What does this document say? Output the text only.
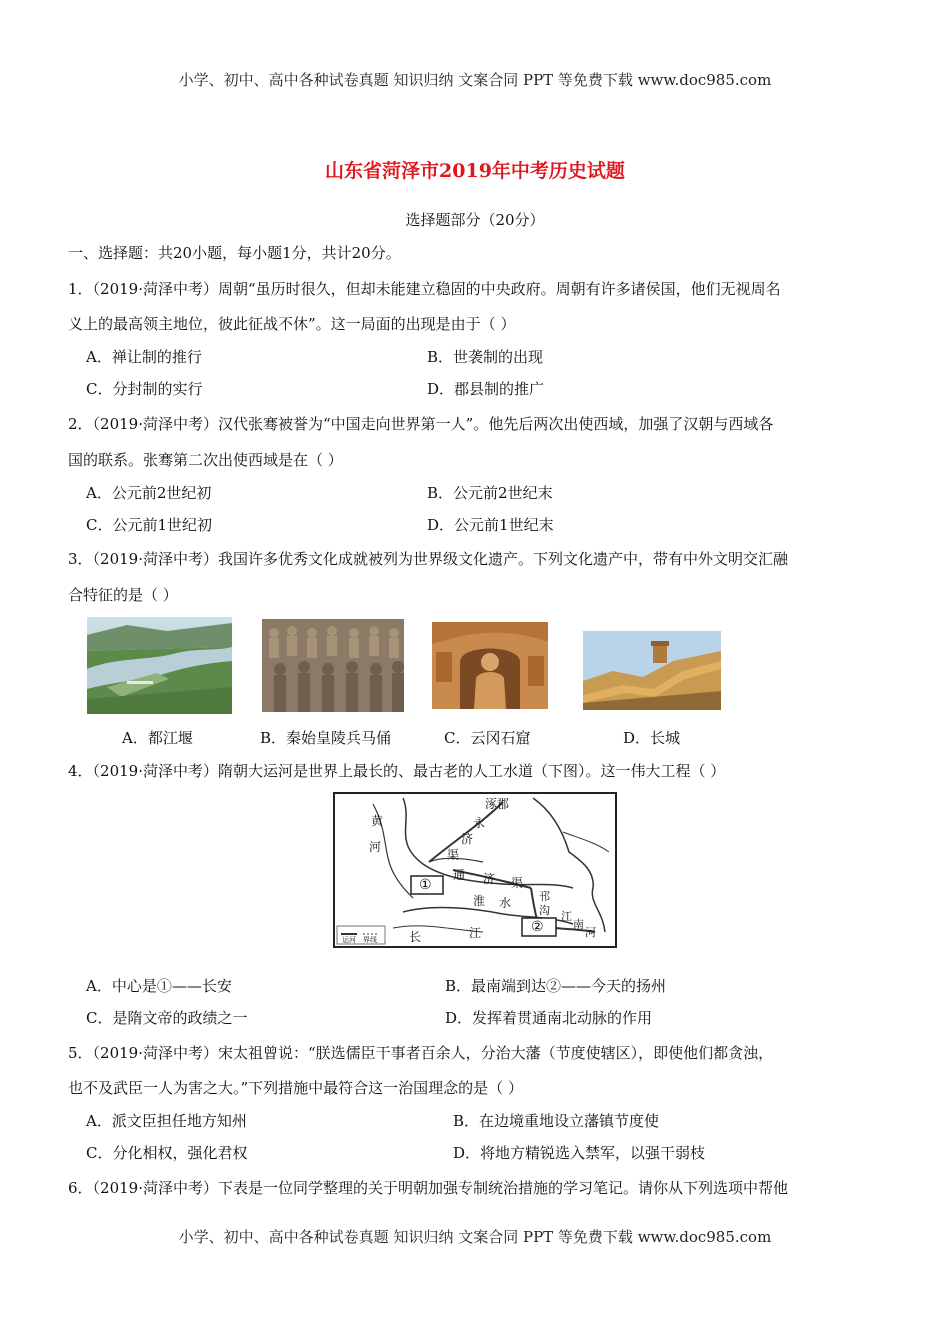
小学、初中、高中各种试卷真题 知识归纳 文案合同 PPT 等免费下载 www.doc985.com
山东省菏泽市2019年中考历史试题
选择题部分（20分）
一、选择题：共20小题，每小题1分，共计20分。
1．（2019·菏泽中考）周朝“虽历时很久，但却未能建立稳固的中央政府。周朝有许多诸侯国，他们无视周名
义上的最高领主地位，彼此征战不休”。这一局面的出现是由于（ ）
A．禅让制的推行	B．世袭制的出现
C．分封制的实行	D．郡县制的推广
2．（2019·菏泽中考）汉代张骞被誉为“中国走向世界第一人”。他先后两次出使西域，加强了汉朝与西域各
国的联系。张骞第二次出使西域是在（ ）
A．公元前2世纪初	B．公元前2世纪末
C．公元前1世纪初	D．公元前1世纪末
3．（2019·菏泽中考）我国许多优秀文化成就被列为世界级文化遗产。下列文化遗产中，带有中外文明交汇融
合特征的是（ ）
A．都江堰	B．秦始皇陵兵马俑	C．云冈石窟	D．长城
4．（2019·菏泽中考）隋朝大运河是世界上最长的、最古老的人工水道（下图）。这一伟大工程（ ）
涿郡
永
济
渠
通 济 渠
黄
河
淮 水
长	江
邗
沟 江
南
河
①
②
运河 界线
A．中心是①——长安	B．最南端到达②——今天的扬州
C．是隋文帝的政绩之一	D．发挥着贯通南北动脉的作用
5．（2019·菏泽中考）宋太祖曾说：“朕选儒臣干事者百余人，分治大藩（节度使辖区），即使他们都贪浊，
也不及武臣一人为害之大。”下列措施中最符合这一治国理念的是（ ）
A．派文臣担任地方知州	B．在边境重地设立藩镇节度使
C．分化相权，强化君权	D．将地方精锐选入禁军，以强干弱枝
6．（2019·菏泽中考）下表是一位同学整理的关于明朝加强专制统治措施的学习笔记。请你从下列选项中帮他
小学、初中、高中各种试卷真题 知识归纳 文案合同 PPT 等免费下载 www.doc985.com
